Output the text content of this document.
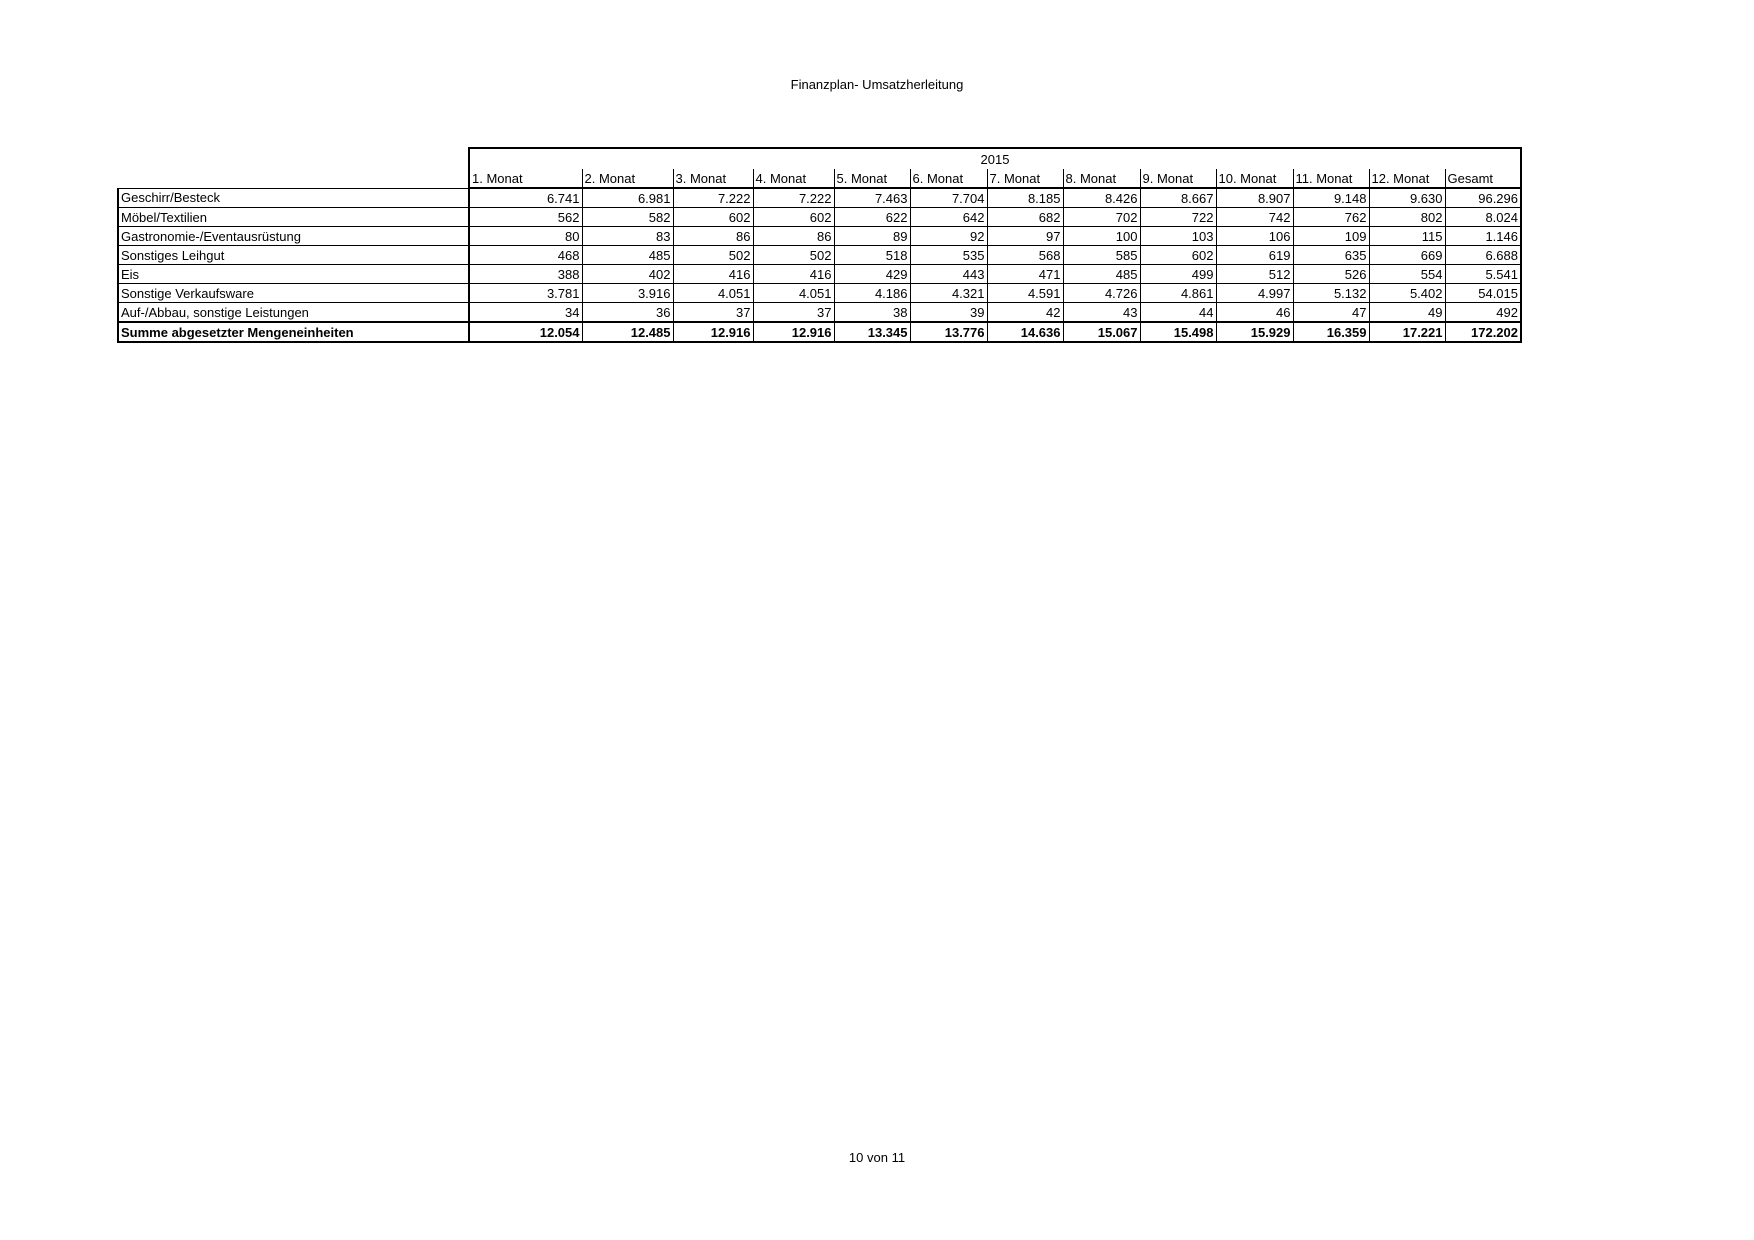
Finanzplan- Umsatzherleitung
	2015												
	1. Monat	2. Monat	3. Monat	4. Monat	5. Monat	6. Monat	7. Monat	8. Monat	9. Monat	10. Monat	11. Monat	12. Monat	Gesamt
Geschirr/Besteck	6.741	6.981	7.222	7.222	7.463	7.704	8.185	8.426	8.667	8.907	9.148	9.630	96.296
Möbel/Textilien	562	582	602	602	622	642	682	702	722	742	762	802	8.024
Gastronomie-/Eventausrüstung	80	83	86	86	89	92	97	100	103	106	109	115	1.146
Sonstiges Leihgut	468	485	502	502	518	535	568	585	602	619	635	669	6.688
Eis	388	402	416	416	429	443	471	485	499	512	526	554	5.541
Sonstige Verkaufsware	3.781	3.916	4.051	4.051	4.186	4.321	4.591	4.726	4.861	4.997	5.132	5.402	54.015
Auf-/Abbau, sonstige Leistungen	34	36	37	37	38	39	42	43	44	46	47	49	492
Summe abgesetzter Mengeneinheiten	12.054	12.485	12.916	12.916	13.345	13.776	14.636	15.067	15.498	15.929	16.359	17.221	172.202
10 von 11
